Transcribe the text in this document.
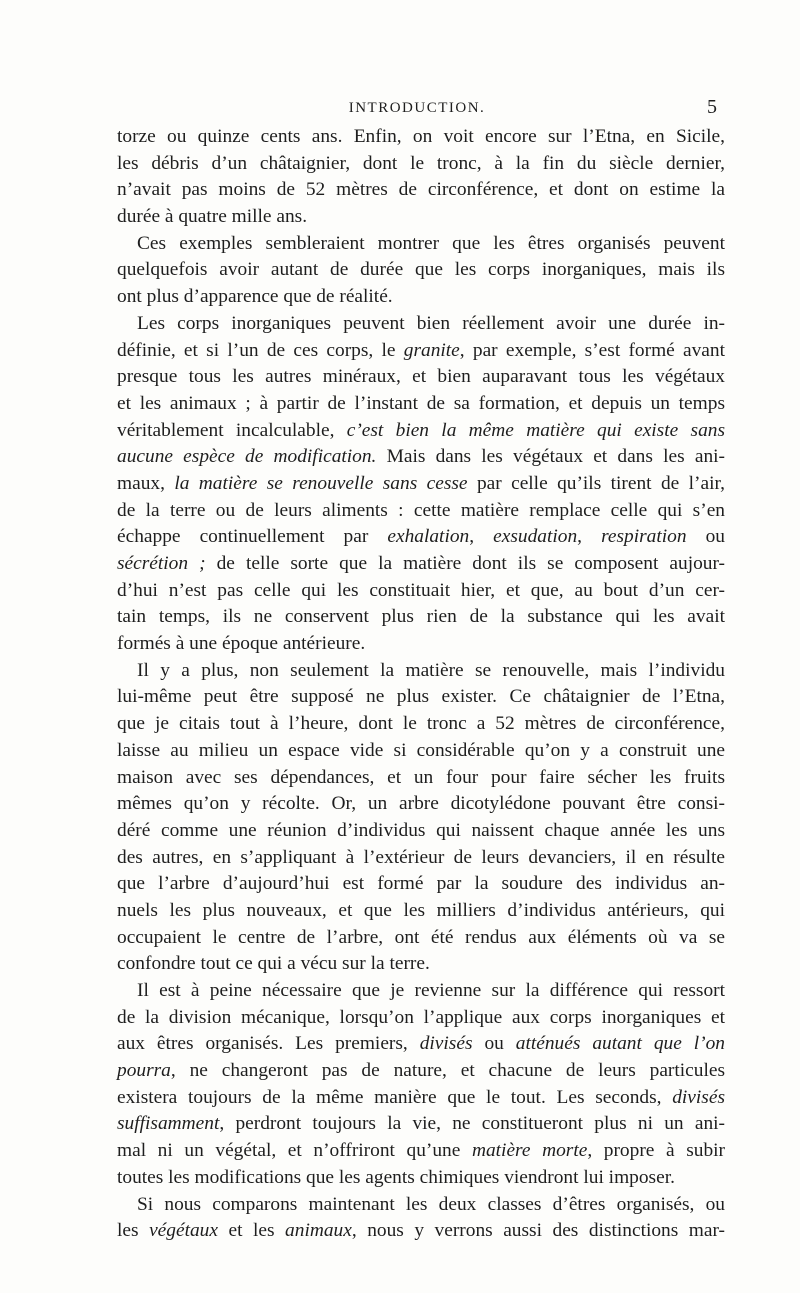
INTRODUCTION.	5
torze ou quinze cents ans. Enfin, on voit encore sur l’Etna, en Sicile,
les débris d’un châtaignier, dont le tronc, à la fin du siècle dernier,
n’avait pas moins de 52 mètres de circonférence, et dont on estime la
durée à quatre mille ans.
Ces exemples sembleraient montrer que les êtres organisés peuvent
quelquefois avoir autant de durée que les corps inorganiques, mais ils
ont plus d’apparence que de réalité.
Les corps inorganiques peuvent bien réellement avoir une durée in-
définie, et si l’un de ces corps, le granite, par exemple, s’est formé avant
presque tous les autres minéraux, et bien auparavant tous les végétaux
et les animaux ; à partir de l’instant de sa formation, et depuis un temps
véritablement incalculable, c’est bien la même matière qui existe sans
aucune espèce de modification. Mais dans les végétaux et dans les ani-
maux, la matière se renouvelle sans cesse par celle qu’ils tirent de l’air,
de la terre ou de leurs aliments : cette matière remplace celle qui s’en
échappe continuellement par exhalation, exsudation, respiration ou
sécrétion ; de telle sorte que la matière dont ils se composent aujour-
d’hui n’est pas celle qui les constituait hier, et que, au bout d’un cer-
tain temps, ils ne conservent plus rien de la substance qui les avait
formés à une époque antérieure.
Il y a plus, non seulement la matière se renouvelle, mais l’individu
lui-même peut être supposé ne plus exister. Ce châtaignier de l’Etna,
que je citais tout à l’heure, dont le tronc a 52 mètres de circonférence,
laisse au milieu un espace vide si considérable qu’on y a construit une
maison avec ses dépendances, et un four pour faire sécher les fruits
mêmes qu’on y récolte. Or, un arbre dicotylédone pouvant être consi-
déré comme une réunion d’individus qui naissent chaque année les uns
des autres, en s’appliquant à l’extérieur de leurs devanciers, il en résulte
que l’arbre d’aujourd’hui est formé par la soudure des individus an-
nuels les plus nouveaux, et que les milliers d’individus antérieurs, qui
occupaient le centre de l’arbre, ont été rendus aux éléments où va se
confondre tout ce qui a vécu sur la terre.
Il est à peine nécessaire que je revienne sur la différence qui ressort
de la division mécanique, lorsqu’on l’applique aux corps inorganiques et
aux êtres organisés. Les premiers, divisés ou atténués autant que l’on
pourra, ne changeront pas de nature, et chacune de leurs particules
existera toujours de la même manière que le tout. Les seconds, divisés
suffisamment, perdront toujours la vie, ne constitueront plus ni un ani-
mal ni un végétal, et n’offriront qu’une matière morte, propre à subir
toutes les modifications que les agents chimiques viendront lui imposer.
Si nous comparons maintenant les deux classes d’êtres organisés, ou
les végétaux et les animaux, nous y verrons aussi des distinctions mar-
